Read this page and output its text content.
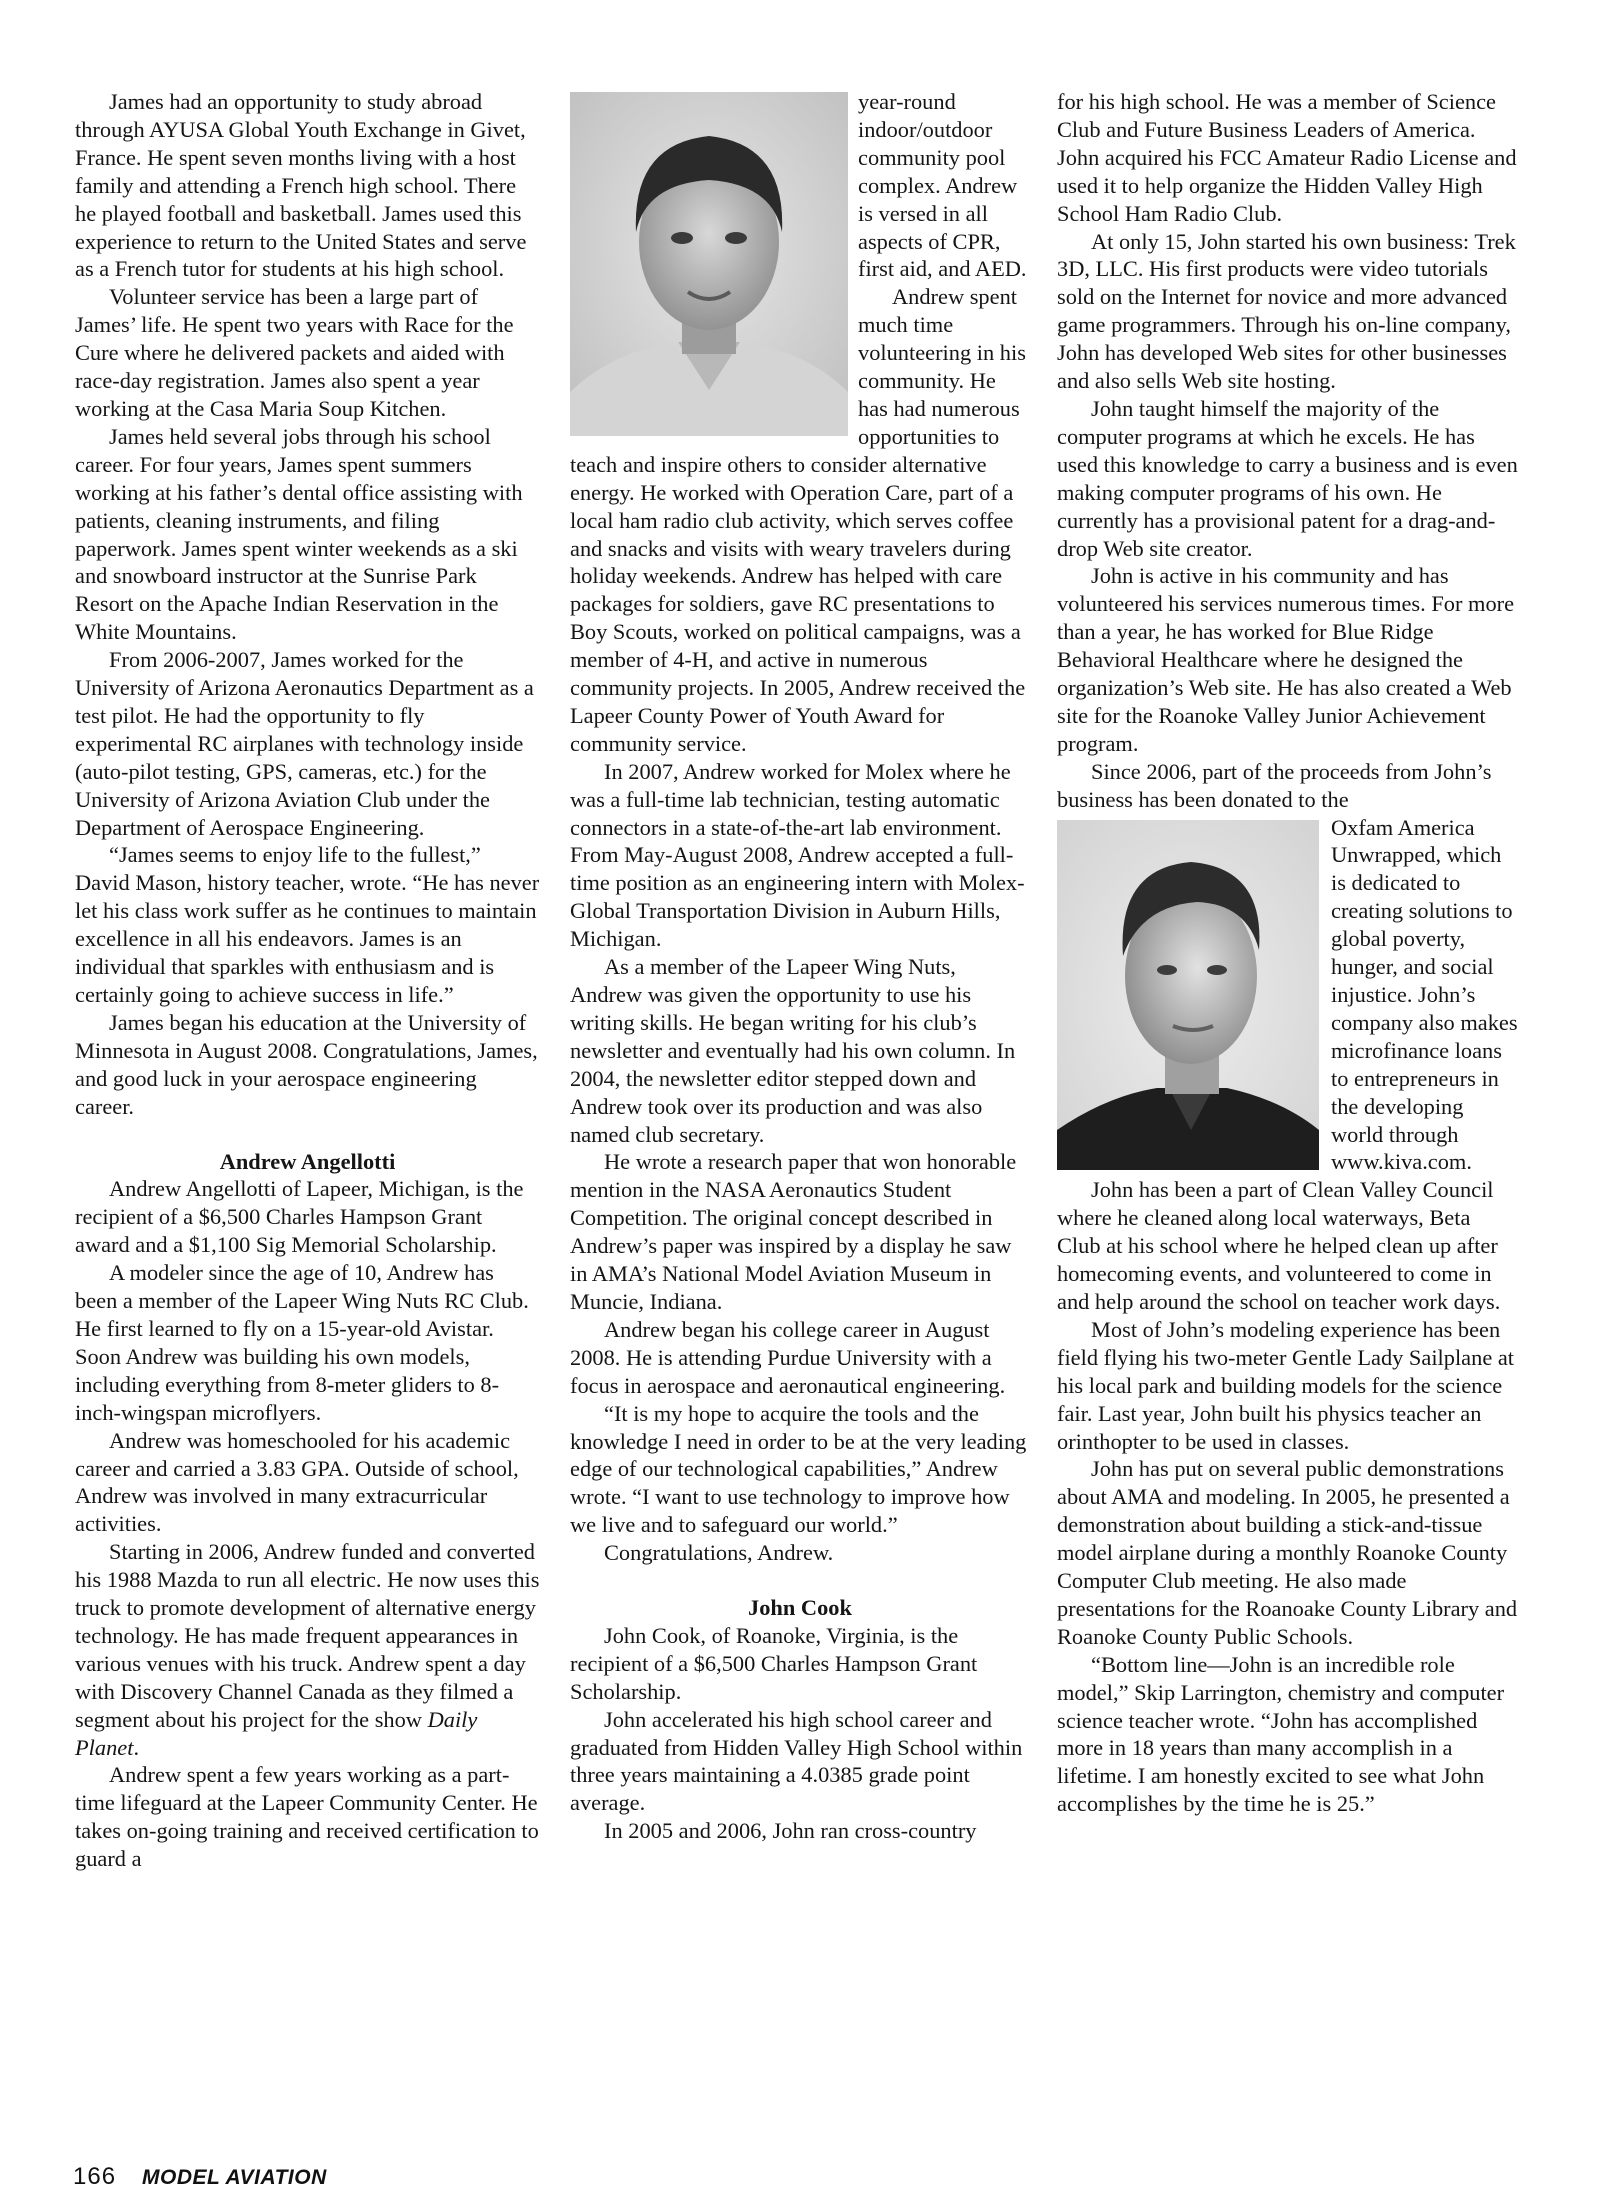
James had an opportunity to study abroad through AYUSA Global Youth Exchange in Givet, France. He spent seven months living with a host family and attending a French high school. There he played football and basketball. James used this experience to return to the United States and serve as a French tutor for students at his high school.

Volunteer service has been a large part of James’ life. He spent two years with Race for the Cure where he delivered packets and aided with race-day registration. James also spent a year working at the Casa Maria Soup Kitchen.

James held several jobs through his school career. For four years, James spent summers working at his father’s dental office assisting with patients, cleaning instruments, and filing paperwork. James spent winter weekends as a ski and snowboard instructor at the Sunrise Park Resort on the Apache Indian Reservation in the White Mountains.

From 2006-2007, James worked for the University of Arizona Aeronautics Department as a test pilot. He had the opportunity to fly experimental RC airplanes with technology inside (auto-pilot testing, GPS, cameras, etc.) for the University of Arizona Aviation Club under the Department of Aerospace Engineering.

“James seems to enjoy life to the fullest,” David Mason, history teacher, wrote. “He has never let his class work suffer as he continues to maintain excellence in all his endeavors. James is an individual that sparkles with enthusiasm and is certainly going to achieve success in life.”

James began his education at the University of Minnesota in August 2008. Congratulations, James, and good luck in your aerospace engineering career.

Andrew Angellotti

Andrew Angellotti of Lapeer, Michigan, is the recipient of a $6,500 Charles Hampson Grant award and a $1,100 Sig Memorial Scholarship.

A modeler since the age of 10, Andrew has been a member of the Lapeer Wing Nuts RC Club. He first learned to fly on a 15-year-old Avistar. Soon Andrew was building his own models, including everything from 8-meter gliders to 8-inch-wingspan microflyers.

Andrew was homeschooled for his academic career and carried a 3.83 GPA. Outside of school, Andrew was involved in many extracurricular activities.

Starting in 2006, Andrew funded and converted his 1988 Mazda to run all electric. He now uses this truck to promote development of alternative energy technology. He has made frequent appearances in various venues with his truck. Andrew spent a day with Discovery Channel Canada as they filmed a segment about his project for the show Daily Planet.

Andrew spent a few years working as a part-time lifeguard at the Lapeer Community Center. He takes on-going training and received certification to guard a

year-round indoor/outdoor community pool complex. Andrew is versed in all aspects of CPR, first aid, and AED.

Andrew spent much time volunteering in his community. He has had numerous opportunities to teach and inspire others to consider alternative energy. He worked with Operation Care, part of a local ham radio club activity, which serves coffee and snacks and visits with weary travelers during holiday weekends. Andrew has helped with care packages for soldiers, gave RC presentations to Boy Scouts, worked on political campaigns, was a member of 4-H, and active in numerous community projects. In 2005, Andrew received the Lapeer County Power of Youth Award for community service.

In 2007, Andrew worked for Molex where he was a full-time lab technician, testing automatic connectors in a state-of-the-art lab environment. From May-August 2008, Andrew accepted a full-time position as an engineering intern with Molex-Global Transportation Division in Auburn Hills, Michigan.

As a member of the Lapeer Wing Nuts, Andrew was given the opportunity to use his writing skills. He began writing for his club’s newsletter and eventually had his own column. In 2004, the newsletter editor stepped down and Andrew took over its production and was also named club secretary.

He wrote a research paper that won honorable mention in the NASA Aeronautics Student Competition. The original concept described in Andrew’s paper was inspired by a display he saw in AMA’s National Model Aviation Museum in Muncie, Indiana.

Andrew began his college career in August 2008. He is attending Purdue University with a focus in aerospace and aeronautical engineering.

“It is my hope to acquire the tools and the knowledge I need in order to be at the very leading edge of our technological capabilities,” Andrew wrote. “I want to use technology to improve how we live and to safeguard our world.”

Congratulations, Andrew.

John Cook

John Cook, of Roanoke, Virginia, is the recipient of a $6,500 Charles Hampson Grant Scholarship.

John accelerated his high school career and graduated from Hidden Valley High School within three years maintaining a 4.0385 grade point average.

In 2005 and 2006, John ran cross-country

for his high school. He was a member of Science Club and Future Business Leaders of America. John acquired his FCC Amateur Radio License and used it to help organize the Hidden Valley High School Ham Radio Club.

At only 15, John started his own business: Trek 3D, LLC. His first products were video tutorials sold on the Internet for novice and more advanced game programmers. Through his on-line company, John has developed Web sites for other businesses and also sells Web site hosting.

John taught himself the majority of the computer programs at which he excels. He has used this knowledge to carry a business and is even making computer programs of his own. He currently has a provisional patent for a drag-and-drop Web site creator.

John is active in his community and has volunteered his services numerous times. For more than a year, he has worked for Blue Ridge Behavioral Healthcare where he designed the organization’s Web site. He has also created a Web site for the Roanoke Valley Junior Achievement program.

Since 2006, part of the proceeds from John’s business has been donated to the

Oxfam America Unwrapped, which is dedicated to creating solutions to global poverty, hunger, and social injustice. John’s company also makes microfinance loans to entrepreneurs in the developing world through www.kiva.com.

John has been a part of Clean Valley Council where he cleaned along local waterways, Beta Club at his school where he helped clean up after homecoming events, and volunteered to come in and help around the school on teacher work days.

Most of John’s modeling experience has been field flying his two-meter Gentle Lady Sailplane at his local park and building models for the science fair. Last year, John built his physics teacher an orinthopter to be used in classes.

John has put on several public demonstrations about AMA and modeling. In 2005, he presented a demonstration about building a stick-and-tissue model airplane during a monthly Roanoke County Computer Club meeting. He also made presentations for the Roanoake County Library and Roanoke County Public Schools.

“Bottom line—John is an incredible role model,” Skip Larrington, chemistry and computer science teacher wrote. “John has accomplished more in 18 years than many accomplish in a lifetime. I am honestly excited to see what John accomplishes by the time he is 25.”

166 MODEL AVIATION
